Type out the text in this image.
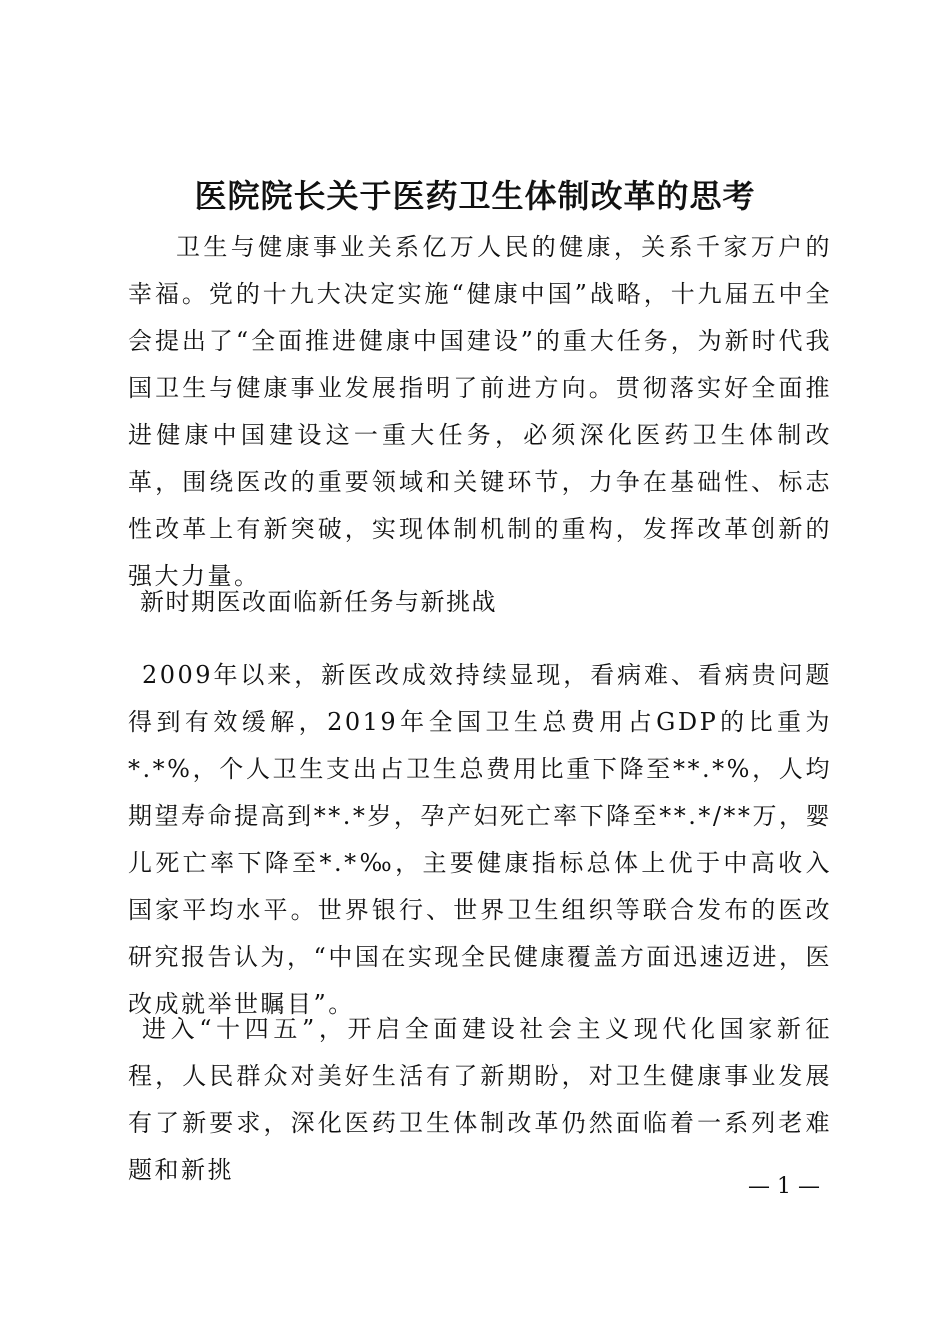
医院院长关于医药卫生体制改革的思考

卫生与健康事业关系亿万人民的健康，关系千家万户的幸福。党的十九大决定实施“健康中国”战略，十九届五中全会提出了“全面推进健康中国建设”的重大任务，为新时代我国卫生与健康事业发展指明了前进方向。贯彻落实好全面推进健康中国建设这一重大任务，必须深化医药卫生体制改革，围绕医改的重要领域和关键环节，力争在基础性、标志性改革上有新突破，实现体制机制的重构，发挥改革创新的强大力量。

新时期医改面临新任务与新挑战

2009年以来，新医改成效持续显现，看病难、看病贵问题得到有效缓解，2019年全国卫生总费用占GDP的比重为*.*%，个人卫生支出占卫生总费用比重下降至**.*%，人均期望寿命提高到**.*岁，孕产妇死亡率下降至**.*/**万，婴儿死亡率下降至*.*‰，主要健康指标总体上优于中高收入国家平均水平。世界银行、世界卫生组织等联合发布的医改研究报告认为，“中国在实现全民健康覆盖方面迅速迈进，医改成就举世瞩目”。

进入“十四五”，开启全面建设社会主义现代化国家新征程，人民群众对美好生活有了新期盼，对卫生健康事业发展有了新要求，深化医药卫生体制改革仍然面临着一系列老难题和新挑

— 1 —
